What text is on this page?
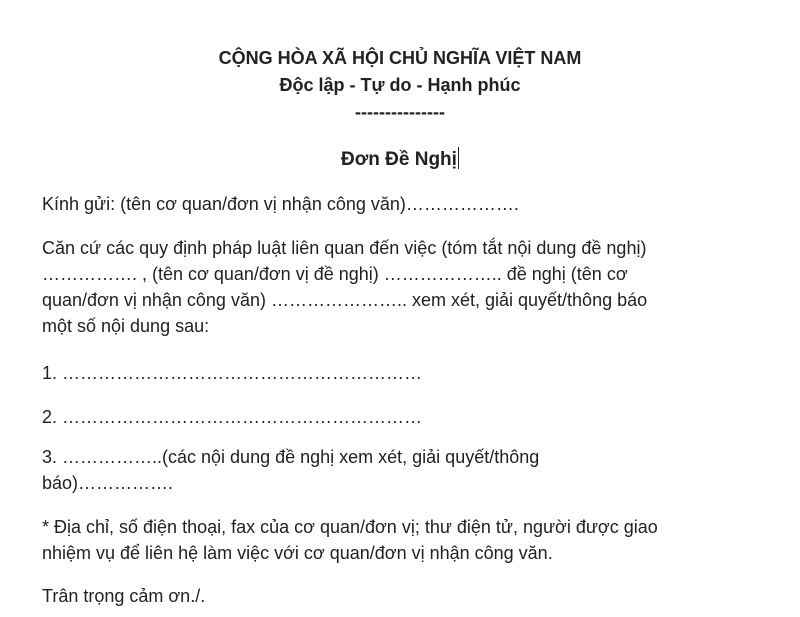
CỘNG HÒA XÃ HỘI CHỦ NGHĨA VIỆT NAM
Độc lập - Tự do - Hạnh phúc
---------------
Đơn Đề Nghị
Kính gửi: (tên cơ quan/đơn vị nhận công văn)……………….
Căn cứ các quy định pháp luật liên quan đến việc (tóm tắt nội dung đề nghị)
……………. , (tên cơ quan/đơn vị đề nghị) ……………….. đề nghị (tên cơ
quan/đơn vị nhận công văn) ………………….. xem xét, giải quyết/thông báo
một số nội dung sau:
1. ……………………………………………………
2. ……………………………………………………
3. ……………..(các nội dung đề nghị xem xét, giải quyết/thông
báo)…………….
* Địa chỉ, số điện thoại, fax của cơ quan/đơn vị; thư điện tử, người được giao
nhiệm vụ để liên hệ làm việc với cơ quan/đơn vị nhận công văn.
Trân trọng cảm ơn./.
